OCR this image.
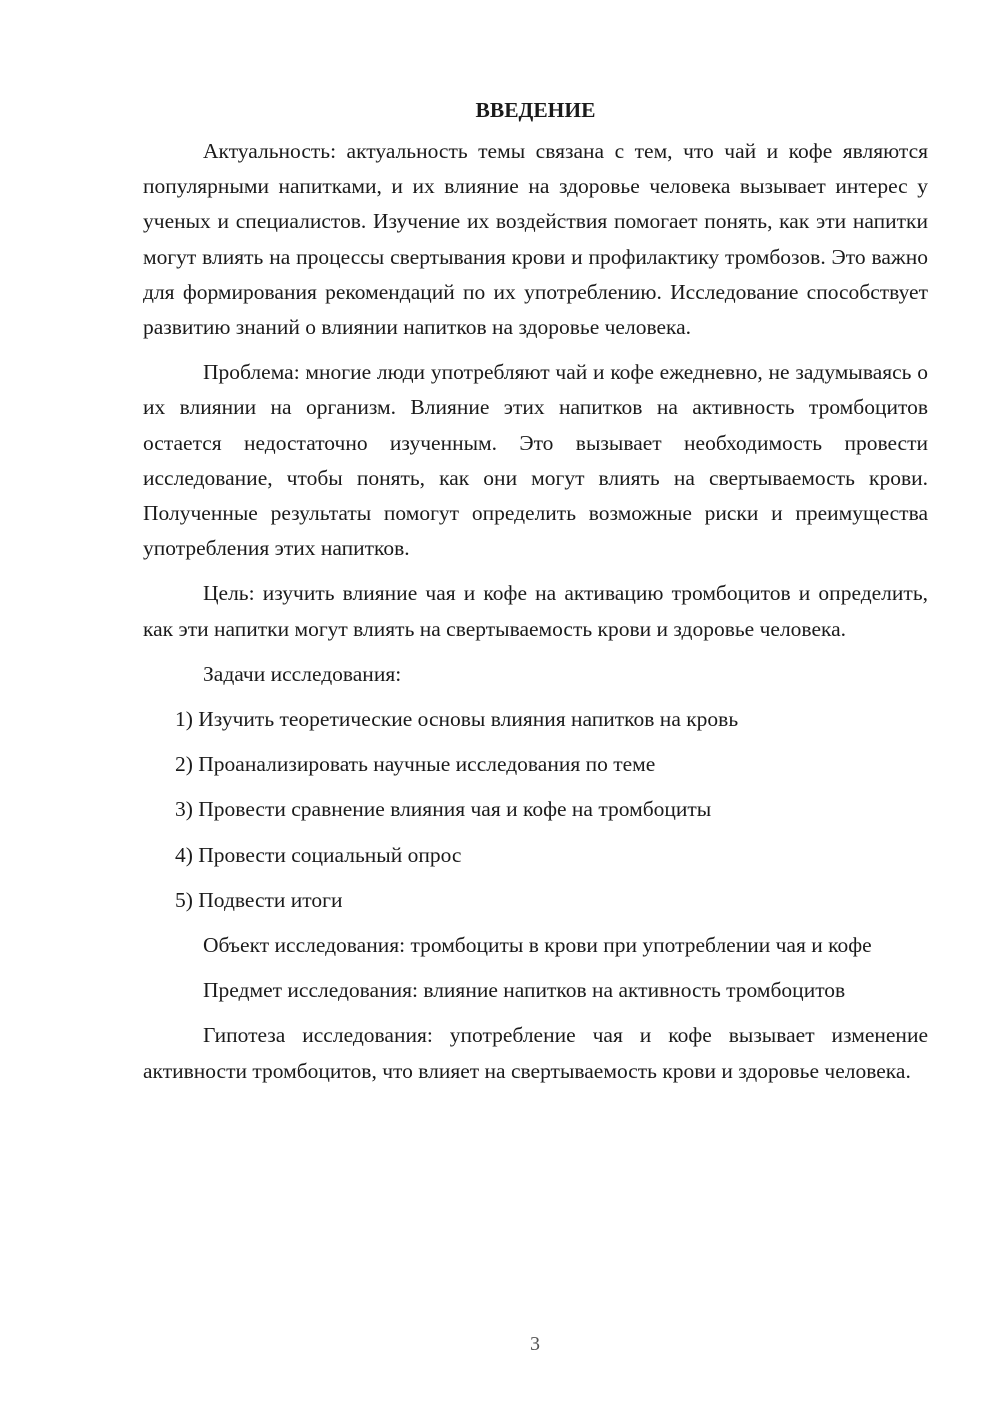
ВВЕДЕНИЕ

Актуальность: актуальность темы связана с тем, что чай и кофе являются популярными напитками, и их влияние на здоровье человека вызывает интерес у ученых и специалистов. Изучение их воздействия помогает понять, как эти напитки могут влиять на процессы свертывания крови и профилактику тромбозов. Это важно для формирования рекомендаций по их употреблению. Исследование способствует развитию знаний о влиянии напитков на здоровье человека.

Проблема: многие люди употребляют чай и кофе ежедневно, не задумываясь о их влиянии на организм. Влияние этих напитков на активность тромбоцитов остается недостаточно изученным. Это вызывает необходимость провести исследование, чтобы понять, как они могут влиять на свертываемость крови. Полученные результаты помогут определить возможные риски и преимущества употребления этих напитков.

Цель: изучить влияние чая и кофе на активацию тромбоцитов и определить, как эти напитки могут влиять на свертываемость крови и здоровье человека.

Задачи исследования:

1) Изучить теоретические основы влияния напитков на кровь
2) Проанализировать научные исследования по теме
3) Провести сравнение влияния чая и кофе на тромбоциты
4) Провести социальный опрос
5) Подвести итоги

Объект исследования: тромбоциты в крови при употреблении чая и кофе

Предмет исследования: влияние напитков на активность тромбоцитов

Гипотеза исследования: употребление чая и кофе вызывает изменение активности тромбоцитов, что влияет на свертываемость крови и здоровье человека.

3
